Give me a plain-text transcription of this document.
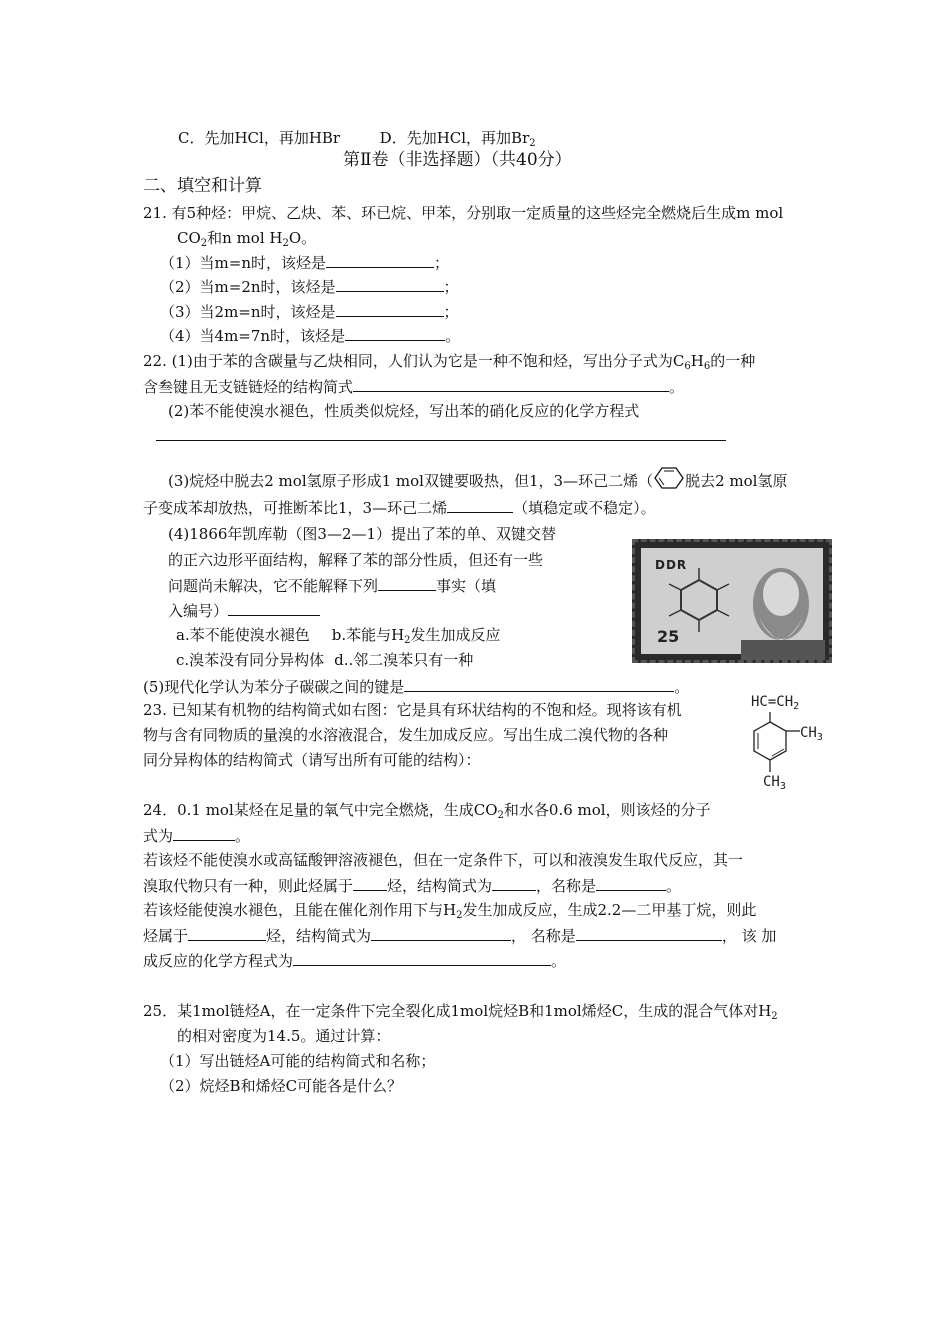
C．先加HCl，再加HBr	D．先加HCl，再加$Br_2$
第Ⅱ卷（非选择题）（共40分）
二、填空和计算
21. 有5种烃：甲烷、乙炔、苯、环已烷、甲苯，分别取一定质量的这些烃完全燃烧后生成m mol
$CO_2$和n mol $H_2O$。
（1）当m=n时，该烃是	；
（2）当m=2n时，该烃是	；
（3）当2m=n时，该烃是	；
（4）当4m=7n时，该烃是	。
22. (1)由于苯的含碳量与乙炔相同，人们认为它是一种不饱和烃，写出分子式为$C_6H_6$的一种
含叁键且无支链链烃的结构简式	。
(2)苯不能使溴水褪色，性质类似烷烃，写出苯的硝化反应的化学方程式
(3)烷烃中脱去2 mol氢原子形成1 mol双键要吸热，但1，3—环己二烯（ 脱去2 mol氢原
子变成苯却放热，可推断苯比1，3—环己二烯	（填稳定或不稳定）。
(4)1866年凯库勒（图3—2—1）提出了苯的单、双键交替
的正六边形平面结构，解释了苯的部分性质，但还有一些
问题尚未解决，它不能解释下列	事实（填
入编号）
a.苯不能使溴水褪色 b.苯能与$H_2$发生加成反应
c.溴苯没有同分异构体 d..邻二溴苯只有一种
(5)现代化学认为苯分子碳碳之间的键是	。
DDR
25
23. 已知某有机物的结构简式如右图：它是具有环状结构的不饱和烃。现将该有机
物与含有同物质的量溴的水溶液混合，发生加成反应。写出生成二溴代物的各种
同分异构体的结构简式（请写出所有可能的结构）：
$HC=CH_2$
$CH_3$
$CH_3$
24．0.1 mol某烃在足量的氧气中完全燃烧，生成$CO_2$和水各0.6 mol，则该烃的分子
式为	。
若该烃不能使溴水或高锰酸钾溶液褪色，但在一定条件下，可以和液溴发生取代反应，其一
溴取代物只有一种，则此烃属于 烃，结构简式为	，名称是	。
若该烃能使溴水褪色，且能在催化剂作用下与$H_2$发生加成反应，生成2.2—二甲基丁烷，则此
烃属于	烃，结构简式为	， 名称是	， 该 加
成反应的化学方程式为	。
25．某1mol链烃A，在一定条件下完全裂化成1mol烷烃B和1mol烯烃C，生成的混合气体对$H_2$
的相对密度为14.5。通过计算：
（1）写出链烃A可能的结构简式和名称；
（2）烷烃B和烯烃C可能各是什么？
